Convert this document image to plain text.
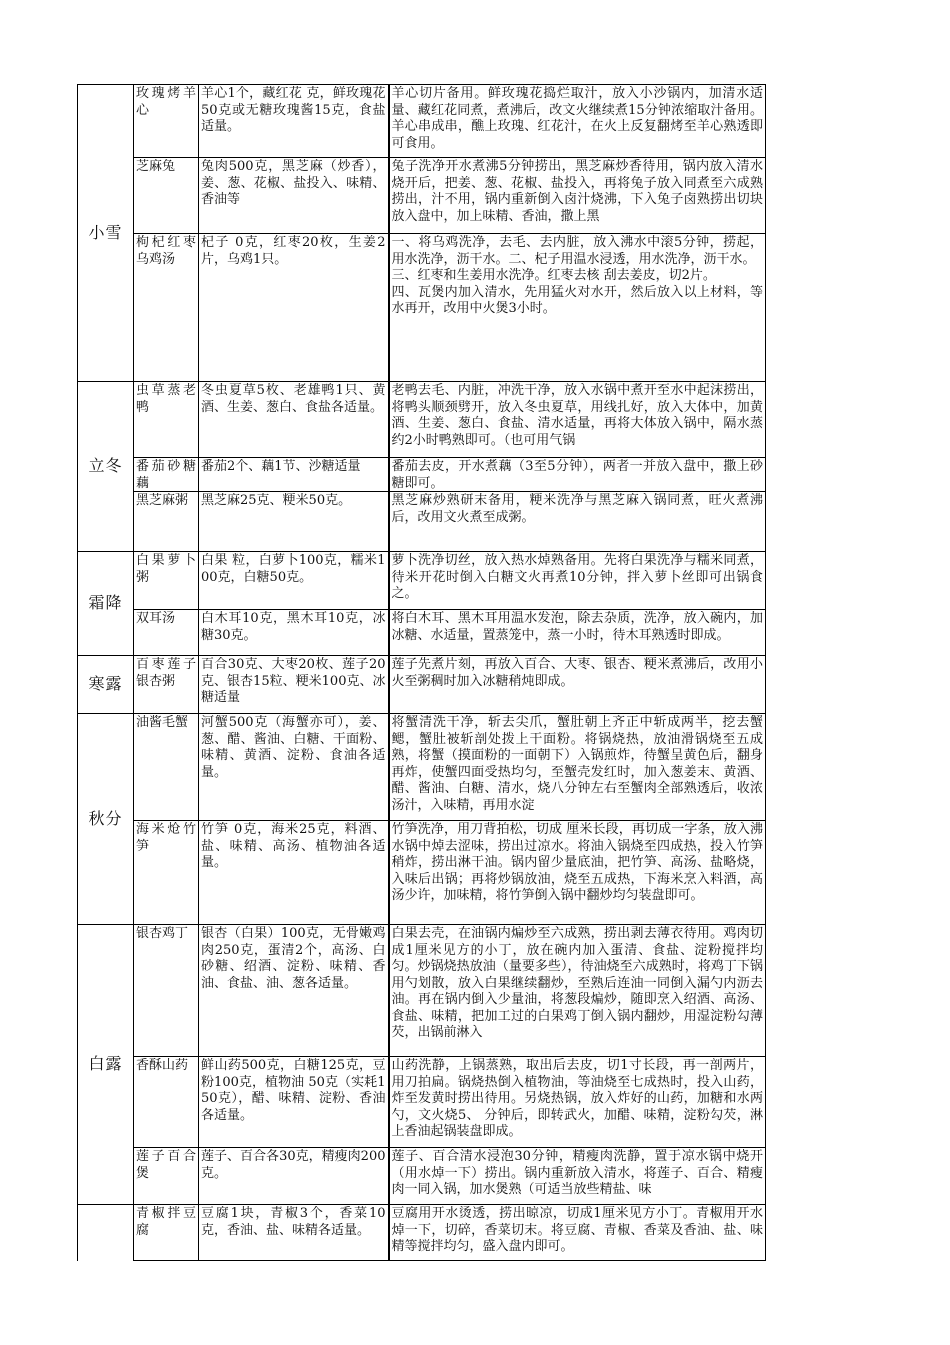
小雪	玫瑰烤羊心	羊心1个，藏红花 克，鲜玫瑰花50克或无糖玫瑰酱15克，食盐适量。	羊心切片备用。鲜玫瑰花捣烂取汁，放入小沙锅内，加清水适量、藏红花同煮，煮沸后，改文火继续煮15分钟浓缩取汁备用。羊心串成串，醮上玫瑰、红花汁，在火上反复翻烤至羊心熟透即可食用。

	芝麻兔	兔肉500克，黑芝麻（炒香），姜、葱、花椒、盐投入、味精、香油等	兔子洗净开水煮沸5分钟捞出，黑芝麻炒香待用，锅内放入清水烧开后，把姜、葱、花椒、盐投入，再将兔子放入同煮至六成熟捞出，汁不用，锅内重新倒入卤汁烧沸，下入兔子卤熟捞出切块放入盘中，加上味精、香油，撒上黑

	枸杞红枣乌鸡汤	杞子 0克，红枣20枚，生姜2片，乌鸡1只。	一、将乌鸡洗净，去毛、去内脏，放入沸水中滚5分钟，捞起，用水洗净，沥干水。二、杞子用温水浸透，用水洗净，沥干水。
三、红枣和生姜用水洗净。红枣去核 刮去姜皮，切2片。
四、瓦煲内加入清水，先用猛火对水开，然后放入以上材料，等水再开，改用中火煲3小时。

立冬	虫草蒸老鸭	冬虫夏草5枚、老雄鸭1只、黄酒、生姜、葱白、食盐各适量。	老鸭去毛、内脏，冲洗干净，放入水锅中煮开至水中起沫捞出，将鸭头顺颈劈开，放入冬虫夏草，用线扎好，放入大体中，加黄酒、生姜、葱白、食盐、清水适量，再将大体放入锅中，隔水蒸约2小时鸭熟即可。（也可用气锅

	番茄砂糖藕	番茄2个、藕1节、沙糖适量	番茄去皮，开水煮藕（3至5分钟），两者一并放入盘中，撒上砂糖即可。

	黑芝麻粥	黑芝麻25克、粳米50克。	黑芝麻炒熟研末备用，粳米洗净与黑芝麻入锅同煮，旺火煮沸后，改用文火煮至成粥。

霜降	白果萝卜粥	白果 粒，白萝卜100克，糯米100克，白糖50克。	萝卜洗净切丝，放入热水焯熟备用。先将白果洗净与糯米同煮，待米开花时倒入白糖文火再煮10分钟，拌入萝卜丝即可出锅食之。

	双耳汤	白木耳10克，黑木耳10克，冰糖30克。	将白木耳、黑木耳用温水发泡，除去杂质，洗净，放入碗内，加冰糖、水适量，置蒸笼中，蒸一小时，待木耳熟透时即成。

寒露	百枣莲子银杏粥	百合30克、大枣20枚、莲子20克、银杏15粒、粳米100克、冰糖适量	莲子先煮片刻，再放入百合、大枣、银杏、粳米煮沸后，改用小火至粥稠时加入冰糖稍炖即成。

秋分	油酱毛蟹	河蟹500克（海蟹亦可），姜、葱、醋、酱油、白糖、干面粉、味精、黄酒、淀粉、食油各适量。	将蟹清洗干净，斩去尖爪，蟹肚朝上齐正中斩成两半，挖去蟹鳃，蟹肚被斩剖处拨上干面粉。将锅烧热，放油滑锅烧至五成熟，将蟹（摸面粉的一面朝下）入锅煎炸，待蟹呈黄色后，翻身再炸，使蟹四面受热均匀，至蟹壳发红时，加入葱姜末、黄酒、醋、酱油、白糖、清水，烧八分钟左右至蟹肉全部熟透后，收浓汤汁，入味精，再用水淀

	海米炝竹笋	竹笋 0克，海米25克，料酒、盐、味精、高汤、植物油各适量。	竹笋洗净，用刀背拍松，切成 厘米长段，再切成一字条，放入沸水锅中焯去涩味，捞出过凉水。将油入锅烧至四成热，投入竹笋稍炸，捞出淋干油。锅内留少量底油，把竹笋、高汤、盐略烧，入味后出锅；再将炒锅放油，烧至五成热，下海米烹入料酒，高汤少许，加味精，将竹笋倒入锅中翻炒均匀装盘即可。

白露	银杏鸡丁	银杏（白果）100克，无骨嫩鸡肉250克，蛋清2个，高汤、白砂糖、绍酒、淀粉、味精、香油、食盐、油、葱各适量。	白果去壳，在油锅内煸炒至六成熟，捞出剥去薄衣待用。鸡肉切成1厘米见方的小丁，放在碗内加入蛋清、食盐、淀粉搅拌均匀。炒锅烧热放油（量要多些），待油烧至六成熟时，将鸡丁下锅用勺划散，放入白果继续翻炒，至熟后连油一同倒入漏勺内沥去油。再在锅内倒入少量油，将葱段煸炒，随即烹入绍酒、高汤、食盐、味精，把加工过的白果鸡丁倒入锅内翻炒，用湿淀粉勾薄芡，出锅前淋入

	香酥山药	鲜山药500克，白糖125克，豆粉100克，植物油 50克（实耗150克），醋、味精、淀粉、香油各适量。	山药洗静，上锅蒸熟，取出后去皮，切1寸长段，再一剖两片，用刀拍扁。锅烧热倒入植物油，等油烧至七成热时，投入山药，炸至发黄时捞出待用。另烧热锅，放入炸好的山药，加糖和水两勺，文火烧5、 分钟后，即转武火，加醋、味精，淀粉勾芡，淋上香油起锅装盘即成。

	莲子百合煲	莲子、百合各30克，精瘦肉200克。	莲子、百合清水浸泡30分钟，精瘦肉洗静，置于凉水锅中烧开（用水焯一下）捞出。锅内重新放入清水，将莲子、百合、精瘦肉一同入锅，加水煲熟（可适当放些精盐、味

	青椒拌豆腐	豆腐1块，青椒3个，香菜10克，香油、盐、味精各适量。	豆腐用开水烫透，捞出晾凉，切成1厘米见方小丁。青椒用开水焯一下，切碎，香菜切末。将豆腐、青椒、香菜及香油、盐、味精等搅拌均匀，盛入盘内即可。
